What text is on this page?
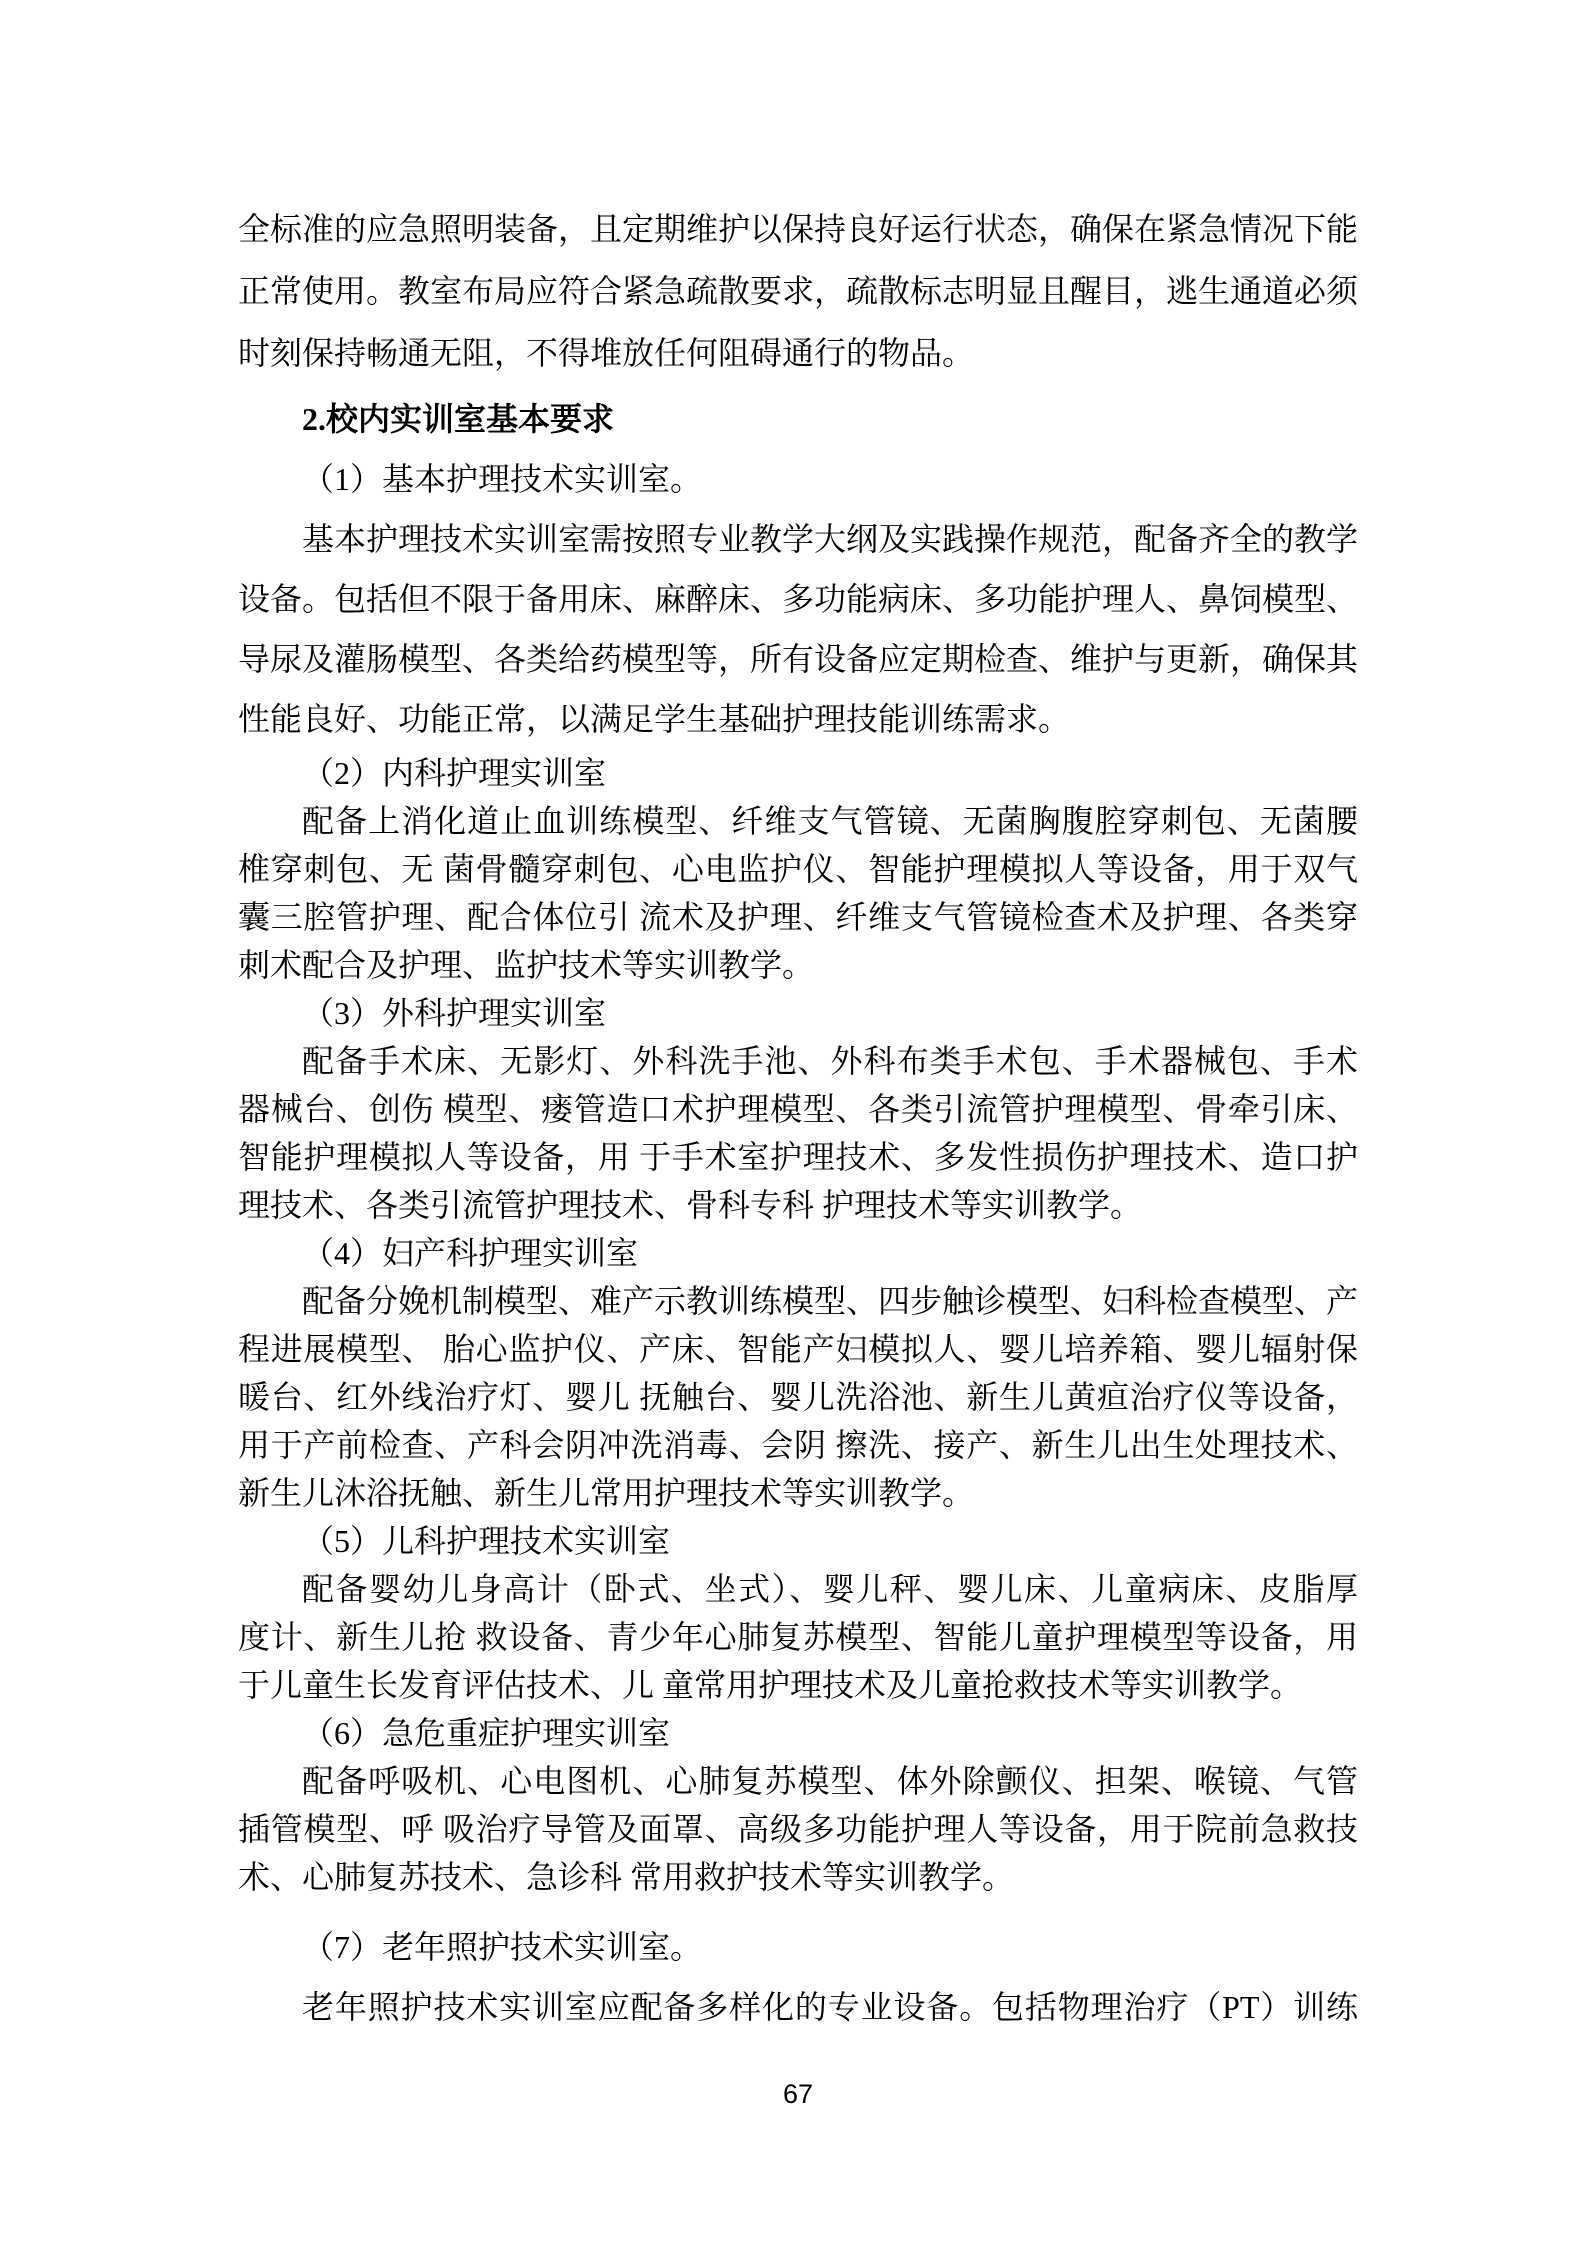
全标准的应急照明装备，且定期维护以保持良好运行状态，确保在紧急情况下能
正常使用。教室布局应符合紧急疏散要求，疏散标志明显且醒目，逃生通道必须
时刻保持畅通无阻，不得堆放任何阻碍通行的物品。
2.校内实训室基本要求
（1）基本护理技术实训室。
基本护理技术实训室需按照专业教学大纲及实践操作规范，配备齐全的教学
设备。包括但不限于备用床、麻醉床、多功能病床、多功能护理人、鼻饲模型、
导尿及灌肠模型、各类给药模型等，所有设备应定期检查、维护与更新，确保其
性能良好、功能正常，以满足学生基础护理技能训练需求。
（2）内科护理实训室
配备上消化道止血训练模型、纤维支气管镜、无菌胸腹腔穿刺包、无菌腰
椎穿刺包、无 菌骨髓穿刺包、心电监护仪、智能护理模拟人等设备，用于双气
囊三腔管护理、配合体位引 流术及护理、纤维支气管镜检查术及护理、各类穿
刺术配合及护理、监护技术等实训教学。
（3）外科护理实训室
配备手术床、无影灯、外科洗手池、外科布类手术包、手术器械包、手术
器械台、创伤 模型、瘘管造口术护理模型、各类引流管护理模型、骨牵引床、
智能护理模拟人等设备，用 于手术室护理技术、多发性损伤护理技术、造口护
理技术、各类引流管护理技术、骨科专科 护理技术等实训教学。
（4）妇产科护理实训室
配备分娩机制模型、难产示教训练模型、四步触诊模型、妇科检查模型、产
程进展模型、 胎心监护仪、产床、智能产妇模拟人、婴儿培养箱、婴儿辐射保
暖台、红外线治疗灯、婴儿 抚触台、婴儿洗浴池、新生儿黄疸治疗仪等设备，
用于产前检查、产科会阴冲洗消毒、会阴 擦洗、接产、新生儿出生处理技术、
新生儿沐浴抚触、新生儿常用护理技术等实训教学。
（5）儿科护理技术实训室
配备婴幼儿身高计（卧式、坐式）、婴儿秤、婴儿床、儿童病床、皮脂厚
度计、新生儿抢 救设备、青少年心肺复苏模型、智能儿童护理模型等设备，用
于儿童生长发育评估技术、儿 童常用护理技术及儿童抢救技术等实训教学。
（6）急危重症护理实训室
配备呼吸机、心电图机、心肺复苏模型、体外除颤仪、担架、喉镜、气管
插管模型、呼 吸治疗导管及面罩、高级多功能护理人等设备，用于院前急救技
术、心肺复苏技术、急诊科 常用救护技术等实训教学。
（7）老年照护技术实训室。
老年照护技术实训室应配备多样化的专业设备。包括物理治疗（PT）训练
67
